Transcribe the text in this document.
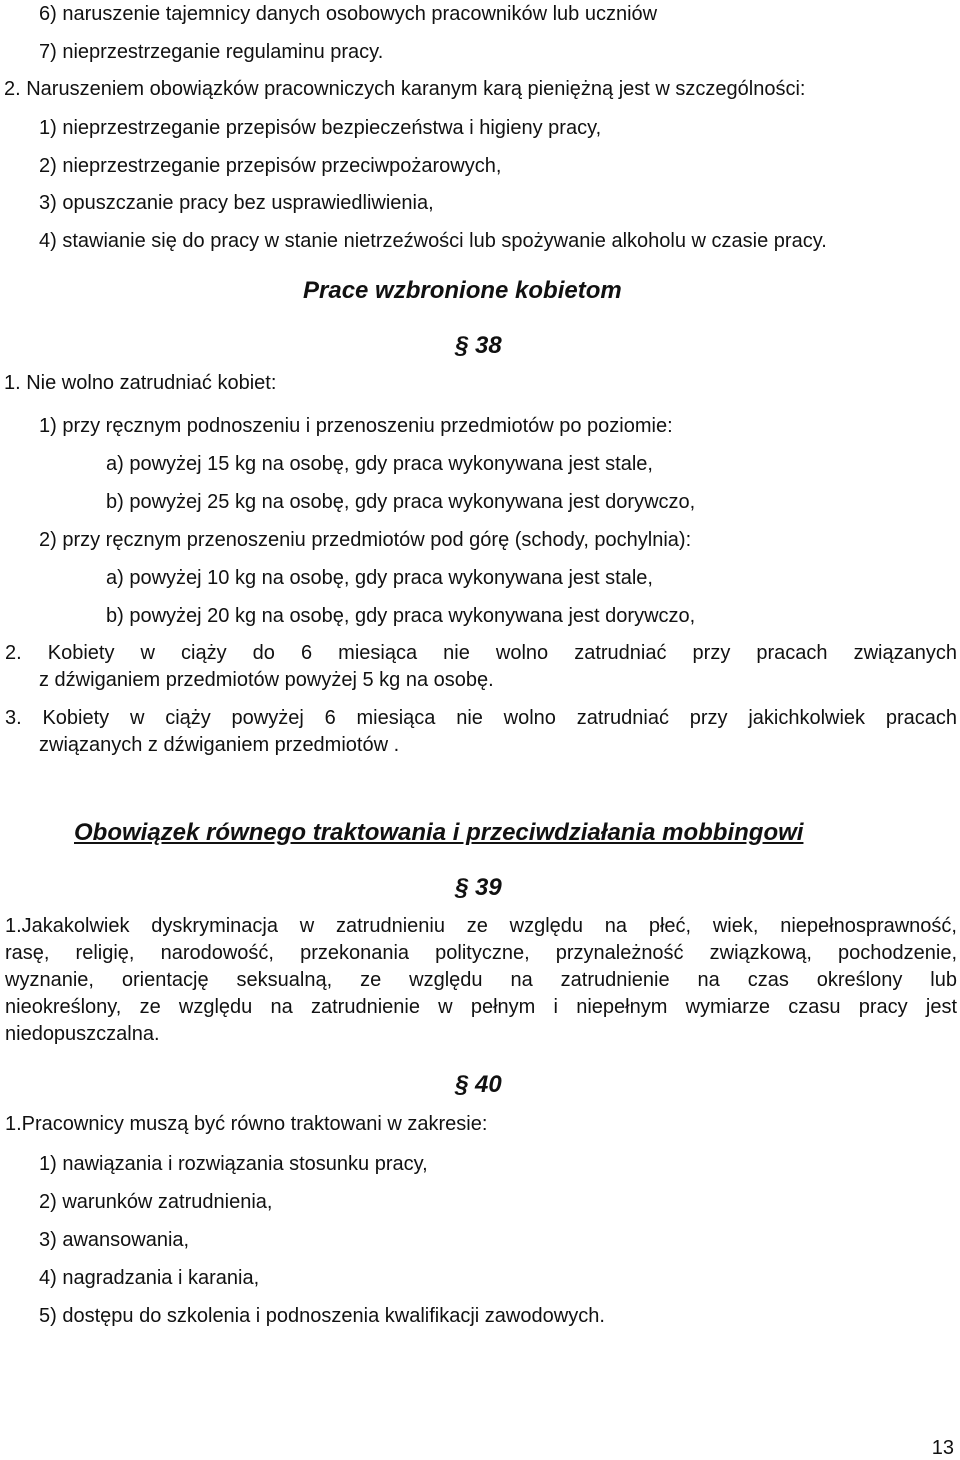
6) naruszenie tajemnicy danych osobowych pracowników lub uczniów
7) nieprzestrzeganie regulaminu pracy.
2. Naruszeniem obowiązków pracowniczych karanym karą pieniężną jest w szczególności:
1) nieprzestrzeganie przepisów bezpieczeństwa i higieny pracy,
2) nieprzestrzeganie przepisów przeciwpożarowych,
3) opuszczanie pracy bez usprawiedliwienia,
4) stawianie się do pracy w stanie nietrzeźwości lub spożywanie alkoholu w czasie pracy.
Prace wzbronione kobietom
§ 38
1. Nie wolno zatrudniać kobiet:
1) przy ręcznym podnoszeniu i przenoszeniu przedmiotów po poziomie:
a) powyżej 15 kg na osobę, gdy praca wykonywana jest stale,
b) powyżej 25 kg na osobę, gdy praca wykonywana jest dorywczo,
2) przy ręcznym przenoszeniu przedmiotów pod górę (schody, pochylnia):
a) powyżej 10 kg na osobę, gdy praca wykonywana jest stale,
b) powyżej 20 kg na osobę, gdy praca wykonywana jest dorywczo,
2. Kobiety w ciąży do 6 miesiąca nie wolno zatrudniać przy pracach związanych
z dźwiganiem przedmiotów powyżej 5 kg na osobę.
3. Kobiety w ciąży powyżej 6 miesiąca nie wolno zatrudniać przy jakichkolwiek pracach
związanych z dźwiganiem przedmiotów .
Obowiązek równego traktowania i przeciwdziałania mobbingowi
§ 39
1.Jakakolwiek dyskryminacja w zatrudnieniu ze względu na płeć, wiek, niepełnosprawność,
rasę, religię, narodowość, przekonania polityczne, przynależność związkową, pochodzenie,
wyznanie, orientację seksualną, ze względu na zatrudnienie na czas określony lub
nieokreślony, ze względu na zatrudnienie w pełnym i niepełnym wymiarze czasu pracy jest
niedopuszczalna.
§ 40
1.Pracownicy muszą być równo traktowani w zakresie:
1) nawiązania i rozwiązania stosunku pracy,
2) warunków zatrudnienia,
3) awansowania,
4) nagradzania i karania,
5) dostępu do szkolenia i podnoszenia kwalifikacji zawodowych.
13
